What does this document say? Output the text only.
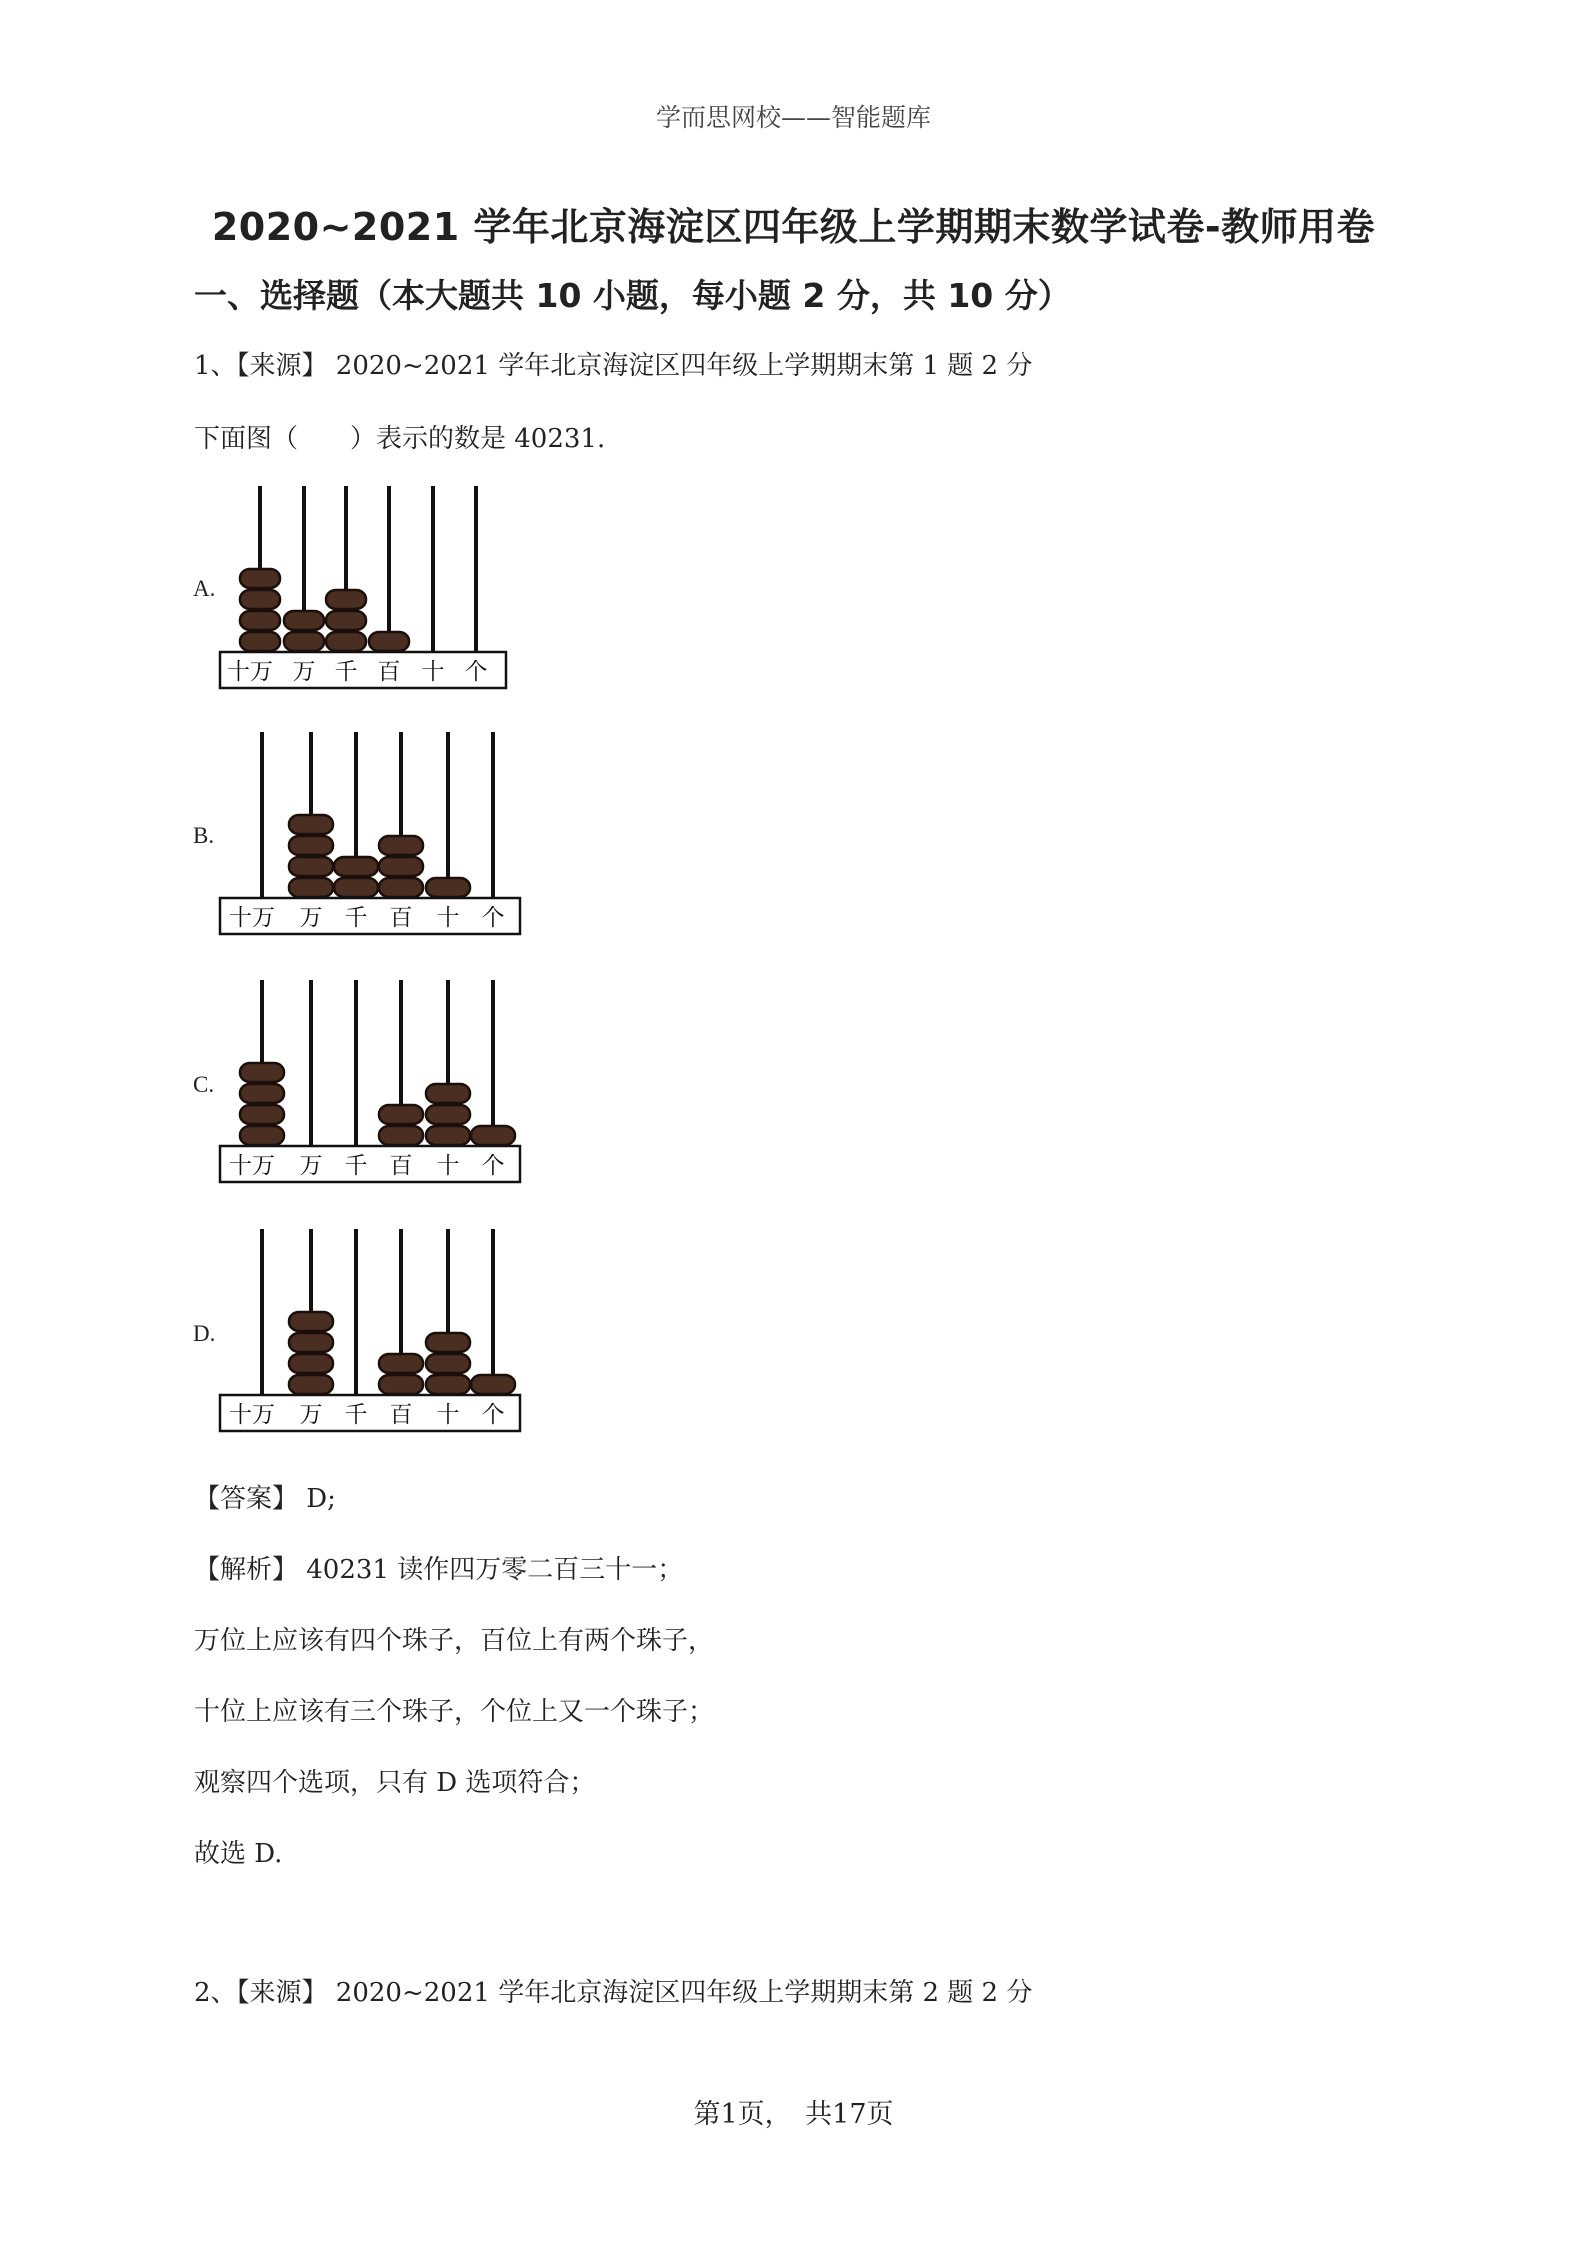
学而思网校——智能题库
2020~2021 学年北京海淀区四年级上学期期末数学试卷-教师用卷
一、选择题（本大题共 10 小题，每小题 2 分，共 10 分）
1、【来源】 2020~2021 学年北京海淀区四年级上学期期末第 1 题 2 分
下面图（　　）表示的数是 40231.
A.
十万 万 千 百 十 个
B.
十万 万 千 百 十 个
C.
十万 万 千 百 十 个
D.
十万 万 千 百 十 个
【答案】 D;
【解析】 40231 读作四万零二百三十一；
万位上应该有四个珠子，百位上有两个珠子，
十位上应该有三个珠子，个位上又一个珠子；
观察四个选项，只有 D 选项符合；
故选 D.
2、【来源】 2020~2021 学年北京海淀区四年级上学期期末第 2 题 2 分
第1页，　共17页
